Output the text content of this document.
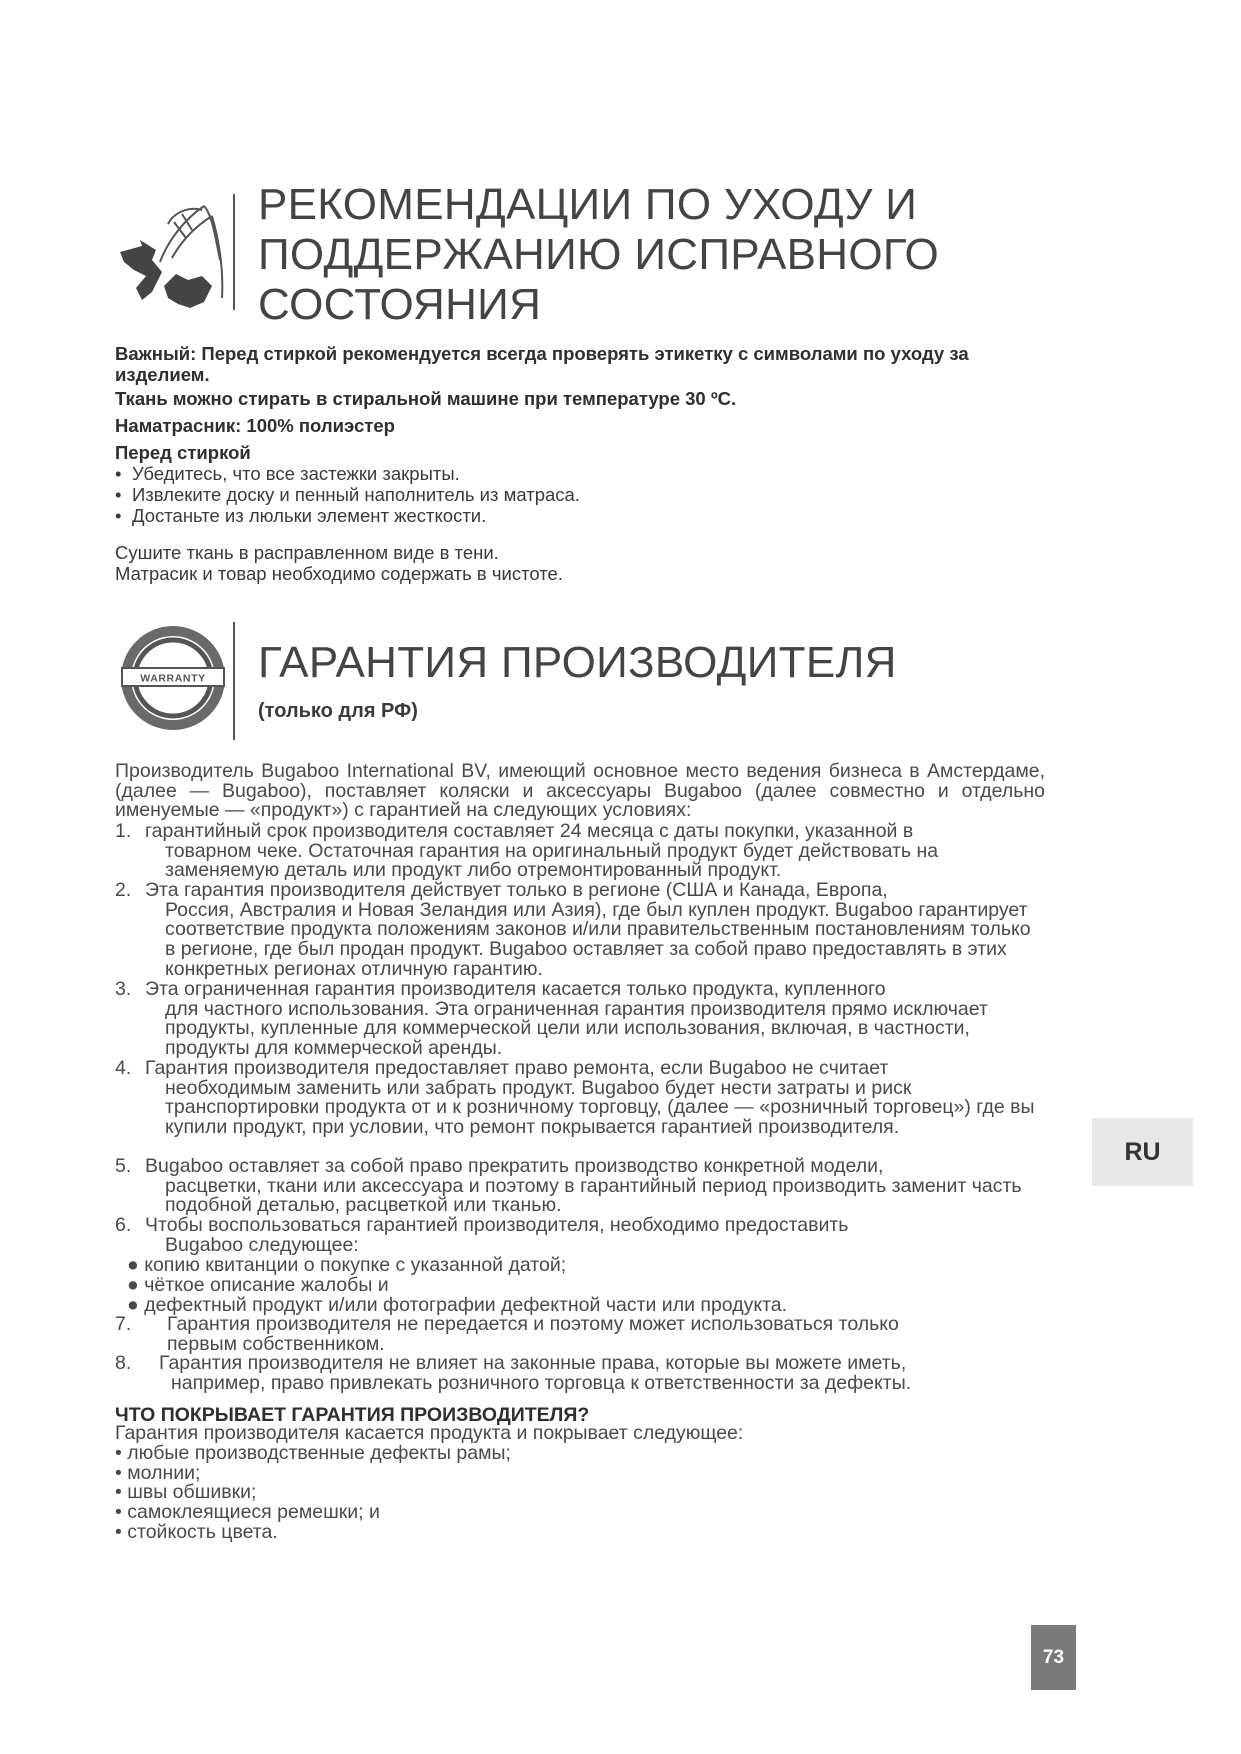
РЕКОМЕНДАЦИИ ПО УХОДУ И ПОДДЕРЖАНИЮ ИСПРАВНОГО СОСТОЯНИЯ

Важный: Перед стиркой рекомендуется всегда проверять этикетку с символами по уходу за изделием.

Ткань можно стирать в стиральной машине при температуре 30 ºC.

Наматрасник: 100% полиэстер

Перед стиркой

• Убедитесь, что все застежки закрыты.
• Извлеките доску и пенный наполнитель из матраса.
• Достаньте из люльки элемент жесткости.

Сушите ткань в расправленном виде в тени.

Матрасик и товар необходимо содержать в чистоте.

WARRANTY ГАРАНТИЯ ПРОИЗВОДИТЕЛЯ
(только для РФ)

Производитель Bugaboo International BV, имеющий основное место ведения бизнеса в Амстердаме, (далее — Bugaboo), поставляет коляски и аксессуары Bugaboo (далее совместно и отдельно именуемые — «продукт») с гарантией на следующих условиях:

1. гарантийный срок производителя составляет 24 месяца с даты покупки, указанной в
товарном чеке. Остаточная гарантия на оригинальный продукт будет действовать на заменяемую деталь или продукт либо отремонтированный продукт.
2. Эта гарантия производителя действует только в регионе (США и Канада, Европа,
Россия, Австралия и Новая Зеландия или Азия), где был куплен продукт. Bugaboo гарантирует соответствие продукта положениям законов и/или правительственным постановлениям только в регионе, где был продан продукт. Bugaboo оставляет за собой право предоставлять в этих конкретных регионах отличную гарантию.
3. Эта ограниченная гарантия производителя касается только продукта, купленного
для частного использования. Эта ограниченная гарантия производителя прямо исключает продукты, купленные для коммерческой цели или использования, включая, в частности, продукты для коммерческой аренды.
4. Гарантия производителя предоставляет право ремонта, если Bugaboo не считает
необходимым заменить или забрать продукт. Bugaboo будет нести затраты и риск транспортировки продукта от и к розничному торговцу, (далее — «розничный торговец») где вы купили продукт, при условии, что ремонт покрывается гарантией производителя.
5. Bugaboo оставляет за собой право прекратить производство конкретной модели,
расцветки, ткани или аксессуара и поэтому в гарантийный период производить заменит часть подобной деталью, расцветкой или тканью.
6. Чтобы воспользоваться гарантией производителя, необходимо предоставить
Bugaboo следующее:
● копию квитанции о покупке с указанной датой;
● чёткое описание жалобы и
● дефектный продукт и/или фотографии дефектной части или продукта.
7. Гарантия производителя не передается и поэтому может использоваться только
первым собственником.
8. Гарантия производителя не влияет на законные права, которые вы можете иметь,
например, право привлекать розничного торговца к ответственности за дефекты.
ЧТО ПОКРЫВАЕТ ГАРАНТИЯ ПРОИЗВОДИТЕЛЯ?

Гарантия производителя касается продукта и покрывает следующее:

• любые производственные дефекты рамы;
• молнии;
• швы обшивки;
• самоклеящиеся ремешки; и
• стойкость цвета.
RU
73
